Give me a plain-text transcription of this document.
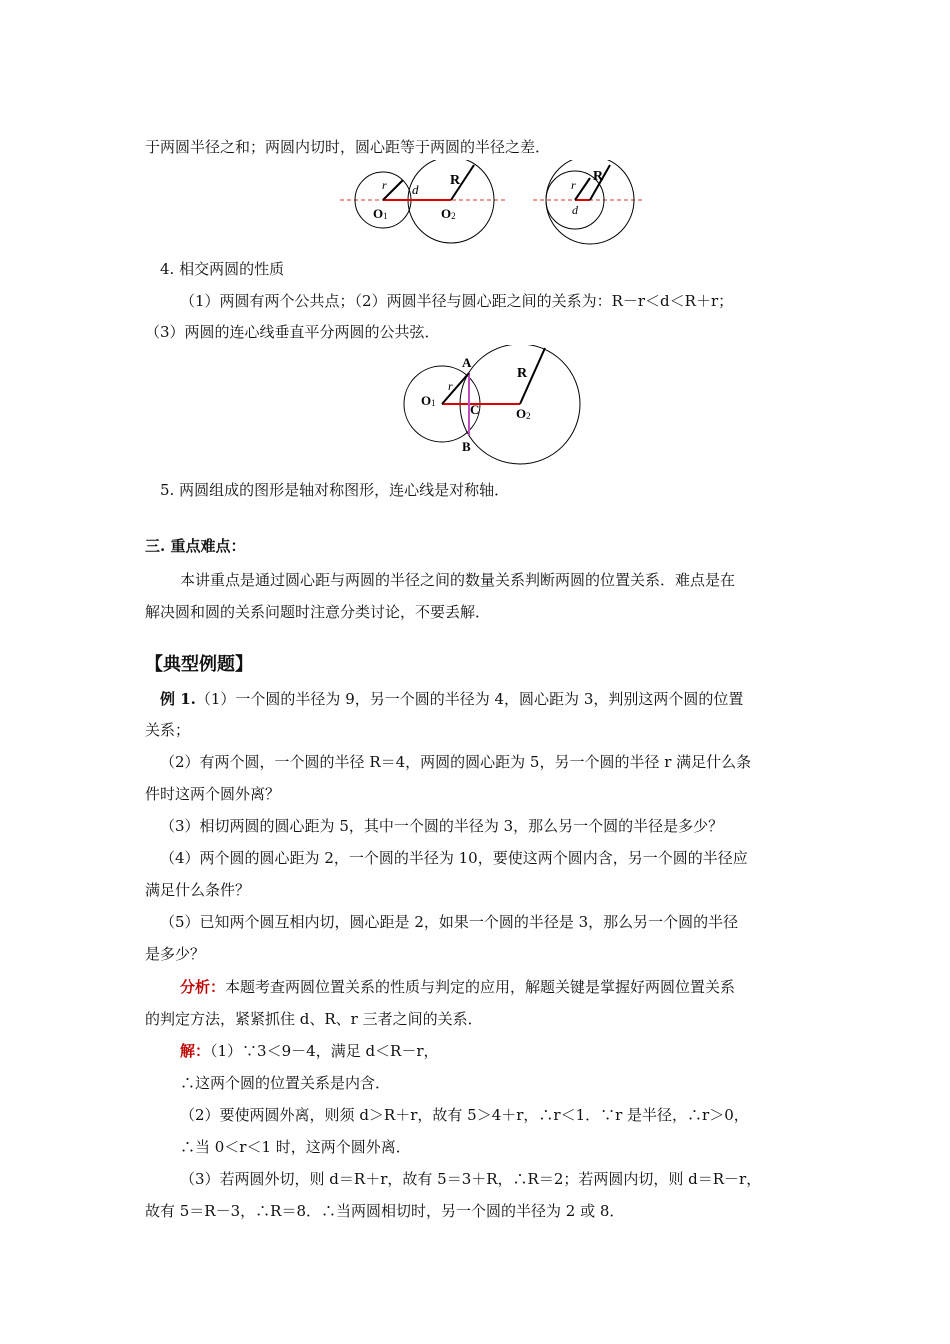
于两圆半径之和；两圆内切时，圆心距等于两圆的半径之差．
r d
R
O1	O2
r
R
d
4. 相交两圆的性质
（1）两圆有两个公共点；（2）两圆半径与圆心距之间的关系为：R－r＜d＜R＋r；
（3）两圆的连心线垂直平分两圆的公共弦．
A
B
C
r
R
O1
O2
5. 两圆组成的图形是轴对称图形，连心线是对称轴．
三. 重点难点：
本讲重点是通过圆心距与两圆的半径之间的数量关系判断两圆的位置关系．难点是在
解决圆和圆的关系问题时注意分类讨论，不要丢解．
【典型例题】
例 1.（1）一个圆的半径为 9，另一个圆的半径为 4，圆心距为 3，判别这两个圆的位置
关系；
（2）有两个圆，一个圆的半径 R＝4，两圆的圆心距为 5，另一个圆的半径 r 满足什么条
件时这两个圆外离？
（3）相切两圆的圆心距为 5，其中一个圆的半径为 3，那么另一个圆的半径是多少？
（4）两个圆的圆心距为 2，一个圆的半径为 10，要使这两个圆内含，另一个圆的半径应
满足什么条件？
（5）已知两个圆互相内切，圆心距是 2，如果一个圆的半径是 3，那么另一个圆的半径
是多少？
分析：本题考查两圆位置关系的性质与判定的应用，解题关键是掌握好两圆位置关系
的判定方法，紧紧抓住 d、R、r 三者之间的关系．
解：（1）∵3＜9－4，满足 d＜R－r，
∴这两个圆的位置关系是内含．
（2）要使两圆外离，则须 d＞R＋r，故有 5＞4＋r，∴r＜1．∵r 是半径，∴r＞0，
∴当 0＜r＜1 时，这两个圆外离．
（3）若两圆外切，则 d＝R＋r，故有 5＝3＋R，∴R＝2；若两圆内切，则 d＝R－r，
故有 5＝R－3，∴R＝8．∴当两圆相切时，另一个圆的半径为 2 或 8．
